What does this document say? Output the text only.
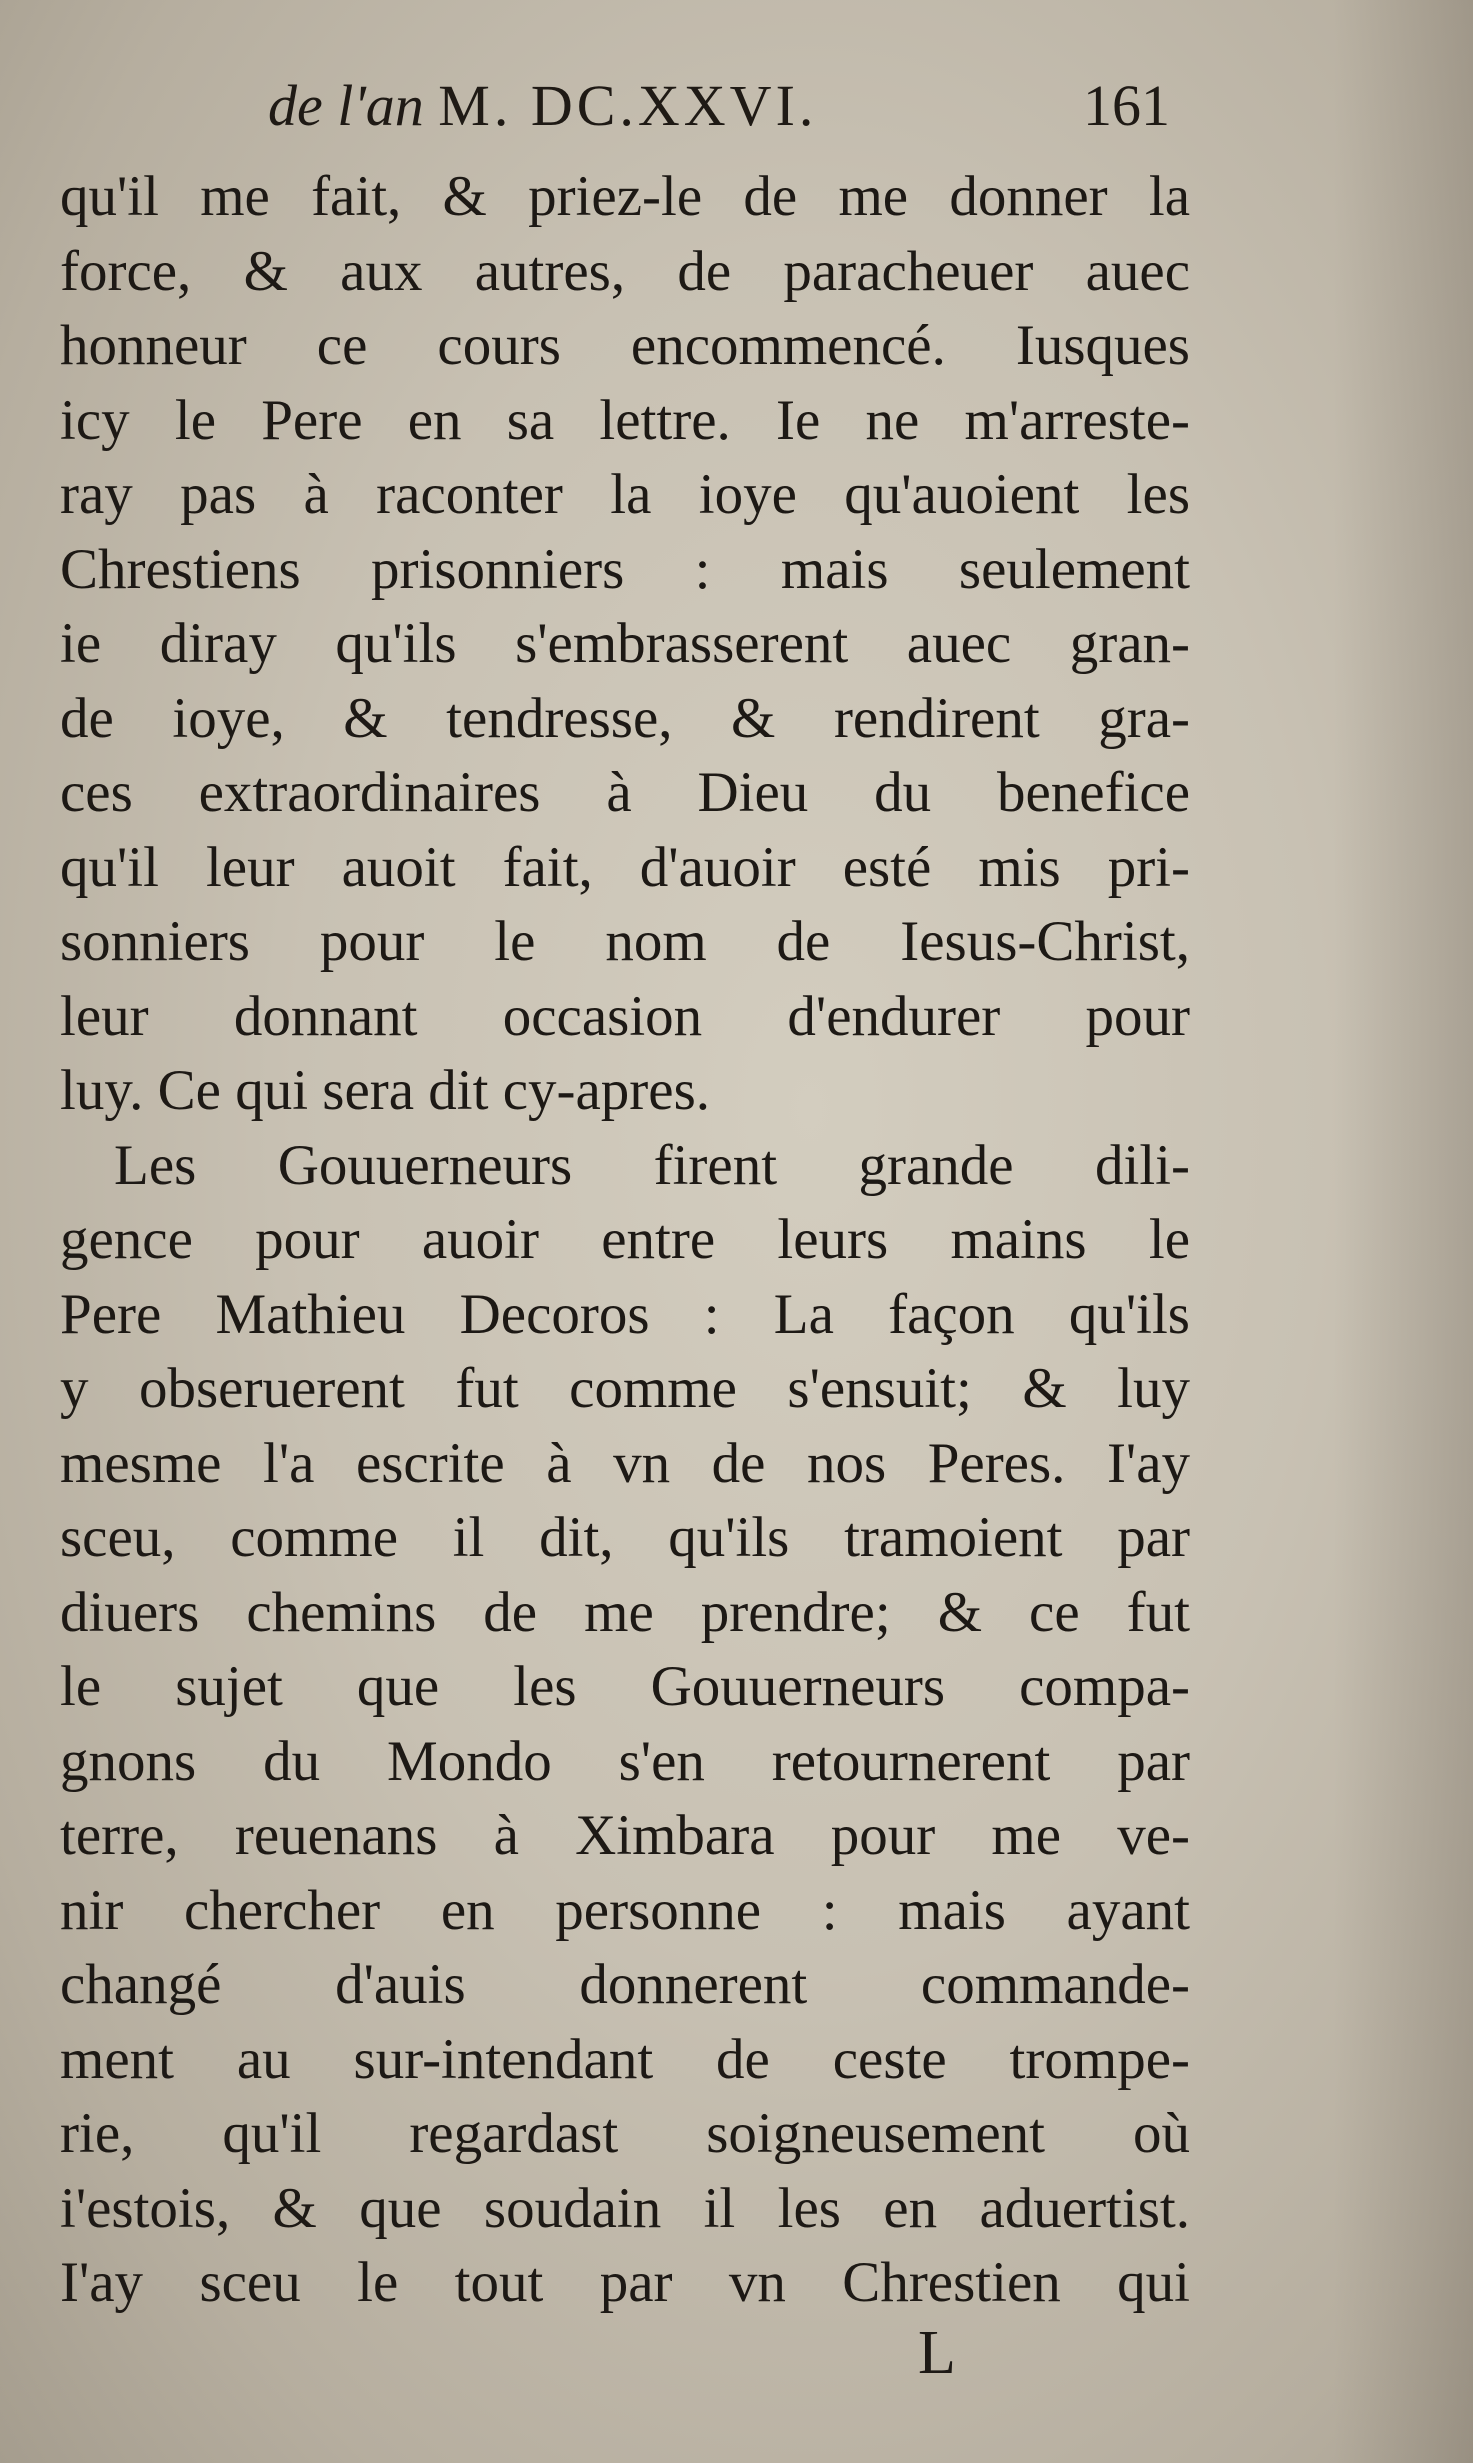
de l'an M. DC.XXVI.	161
qu'il me fait, & priez-le de me donner la
force, & aux autres, de paracheuer auec
honneur ce cours encommencé. Iusques
icy le Pere en sa lettre. Ie ne m'arreste-
ray pas à raconter la ioye qu'auoient les
Chrestiens prisonniers : mais seulement
ie diray qu'ils s'embrasserent auec gran-
de ioye, & tendresse, & rendirent gra-
ces extraordinaires à Dieu du benefice
qu'il leur auoit fait, d'auoir esté mis pri-
sonniers pour le nom de Iesus-Christ,
leur donnant occasion d'endurer pour
luy. Ce qui sera dit cy-apres.
Les Gouuerneurs firent grande dili-
gence pour auoir entre leurs mains le
Pere Mathieu Decoros : La façon qu'ils
y obseruerent fut comme s'ensuit; & luy
mesme l'a escrite à vn de nos Peres. I'ay
sceu, comme il dit, qu'ils tramoient par
diuers chemins de me prendre; & ce fut
le sujet que les Gouuerneurs compa-
gnons du Mondo s'en retournerent par
terre, reuenans à Ximbara pour me ve-
nir chercher en personne : mais ayant
changé d'auis donnerent commande-
ment au sur-intendant de ceste trompe-
rie, qu'il regardast soigneusement où
i'estois, & que soudain il les en aduertist.
I'ay sceu le tout par vn Chrestien qui
L
